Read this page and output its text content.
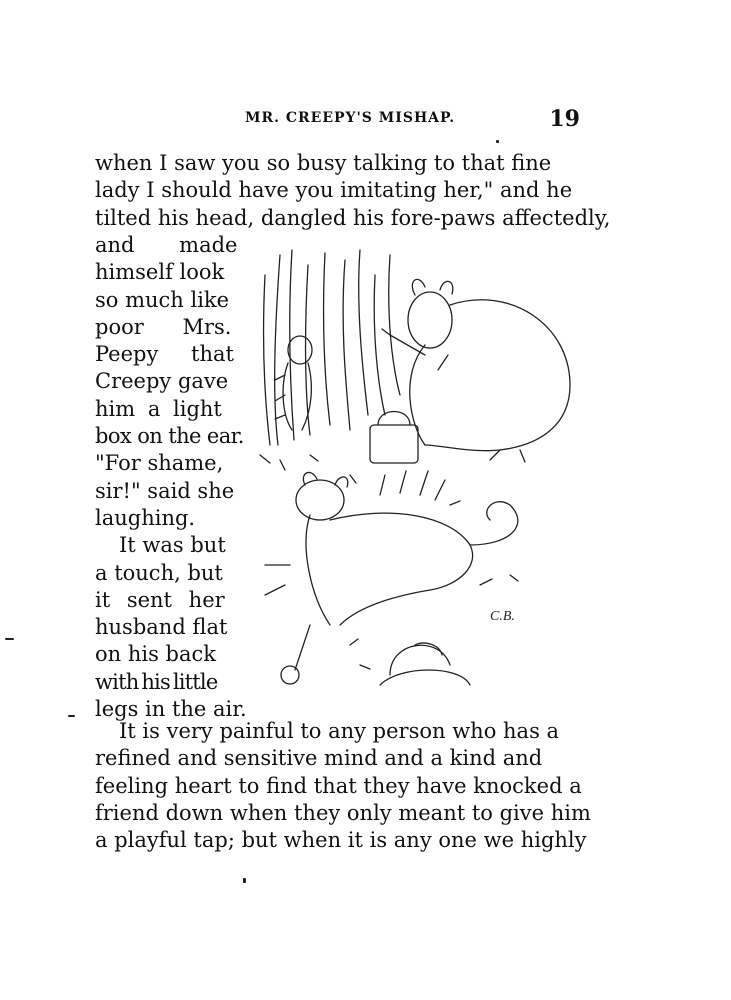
MR. CREEPY'S MISHAP.	19
when I saw you so busy talking to that fine
lady I should have you imitating her," and he
tilted his head, dangled his fore-paws affectedly,
and made
himself look
so much like
poor Mrs.
Peepy that
Creepy gave
him a light
box on the ear.
"For shame,
sir!" said she
laughing.
It was but
a touch, but
it sent her
husband flat
on his back
with his little
legs in the air.
It is very painful to any person who has a
refined and sensitive mind and a kind and
feeling heart to find that they have knocked a
friend down when they only meant to give him
a playful tap; but when it is any one we highly
C.B.
